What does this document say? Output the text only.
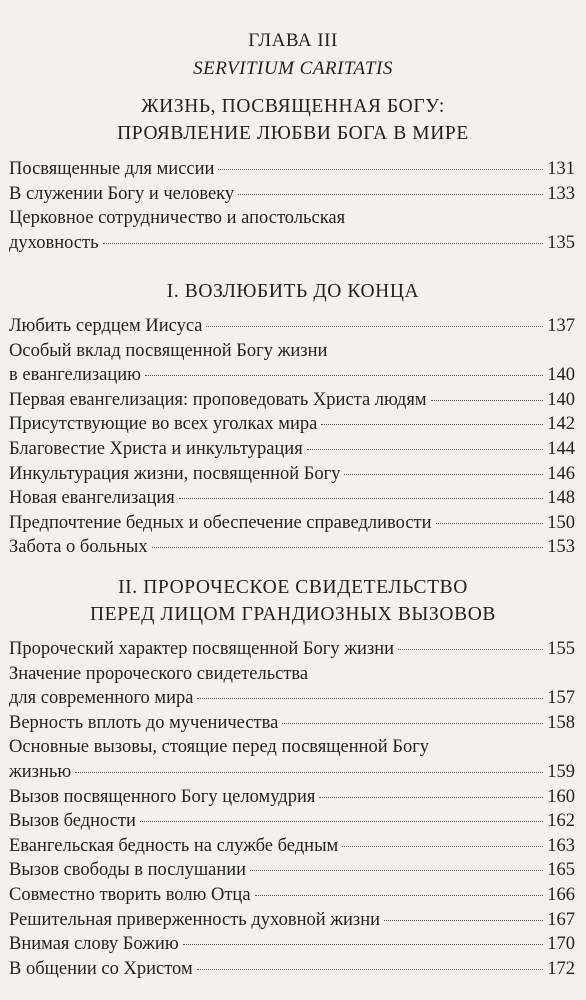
ГЛАВА III
SERVITIUM CARITATIS
ЖИЗНЬ, ПОСВЯЩЕННАЯ БОГУ:
ПРОЯВЛЕНИЕ ЛЮБВИ БОГА В МИРЕ
Посвященные для миссии	131
В служении Богу и человеку	133
Церковное сотрудничество и апостольская
духовность	135
I. ВОЗЛЮБИТЬ ДО КОНЦА
Любить сердцем Иисуса	137
Особый вклад посвященной Богу жизни
в евангелизацию	140
Первая евангелизация: проповедовать Христа людям	140
Присутствующие во всех уголках мира	142
Благовестие Христа и инкультурация	144
Инкультурация жизни, посвященной Богу	146
Новая евангелизация	148
Предпочтение бедных и обеспечение справедливости	150
Забота о больных	153
II. ПРОРОЧЕСКОЕ СВИДЕТЕЛЬСТВО
ПЕРЕД ЛИЦОМ ГРАНДИОЗНЫХ ВЫЗОВОВ
Пророческий характер посвященной Богу жизни	155
Значение пророческого свидетельства
для современного мира	157
Верность вплоть до мученичества	158
Основные вызовы, стоящие перед посвященной Богу
жизнью	159
Вызов посвященного Богу целомудрия	160
Вызов бедности	162
Евангельская бедность на службе бедным	163
Вызов свободы в послушании	165
Совместно творить волю Отца	166
Решительная приверженность духовной жизни	167
Внимая слову Божию	170
В общении со Христом	172
